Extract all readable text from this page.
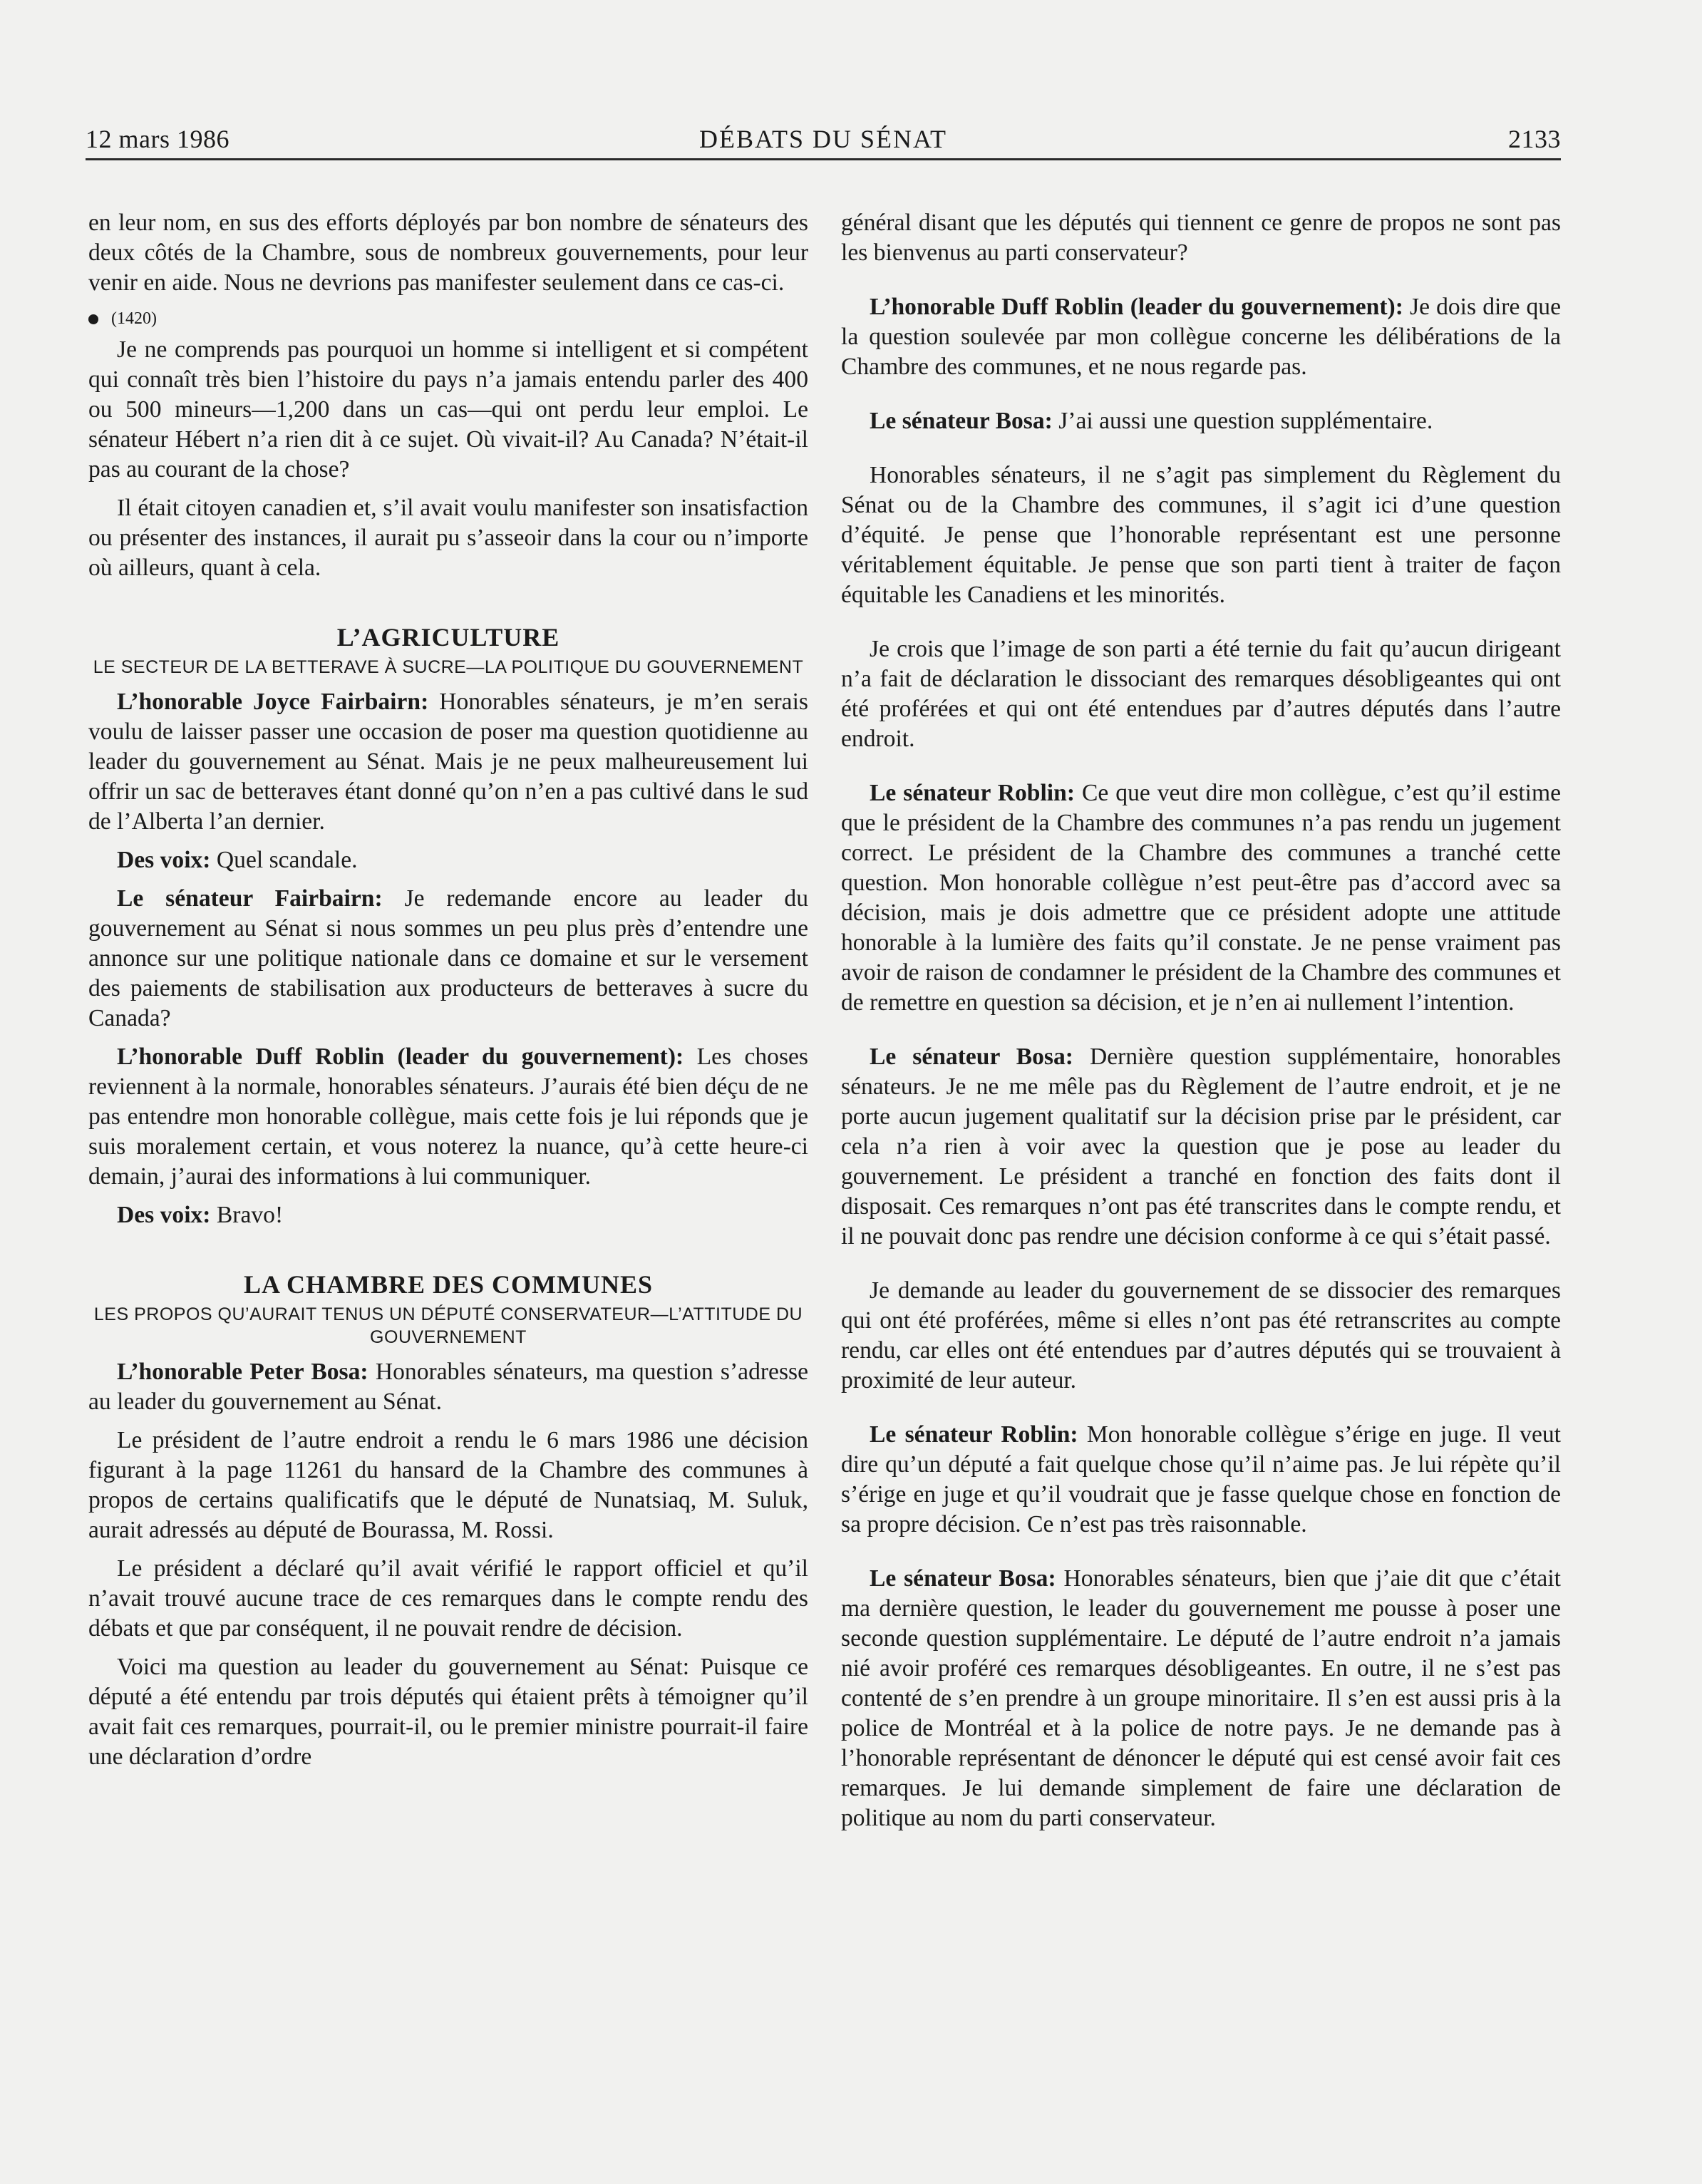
12 mars 1986	DÉBATS DU SÉNAT	2133

en leur nom, en sus des efforts déployés par bon nombre de sénateurs des deux côtés de la Chambre, sous de nombreux gouvernements, pour leur venir en aide. Nous ne devrions pas manifester seulement dans ce cas-ci.

(1420)

Je ne comprends pas pourquoi un homme si intelligent et si compétent qui connaît très bien l’histoire du pays n’a jamais entendu parler des 400 ou 500 mineurs—1,200 dans un cas—qui ont perdu leur emploi. Le sénateur Hébert n’a rien dit à ce sujet. Où vivait-il? Au Canada? N’était-il pas au courant de la chose?

Il était citoyen canadien et, s’il avait voulu manifester son insatisfaction ou présenter des instances, il aurait pu s’asseoir dans la cour ou n’importe où ailleurs, quant à cela.

L’AGRICULTURE
LE SECTEUR DE LA BETTERAVE À SUCRE—LA POLITIQUE DU GOUVERNEMENT

L’honorable Joyce Fairbairn: Honorables sénateurs, je m’en serais voulu de laisser passer une occasion de poser ma question quotidienne au leader du gouvernement au Sénat. Mais je ne peux malheureusement lui offrir un sac de betteraves étant donné qu’on n’en a pas cultivé dans le sud de l’Alberta l’an dernier.

Des voix: Quel scandale.

Le sénateur Fairbairn: Je redemande encore au leader du gouvernement au Sénat si nous sommes un peu plus près d’entendre une annonce sur une politique nationale dans ce domaine et sur le versement des paiements de stabilisation aux producteurs de betteraves à sucre du Canada?

L’honorable Duff Roblin (leader du gouvernement): Les choses reviennent à la normale, honorables sénateurs. J’aurais été bien déçu de ne pas entendre mon honorable collègue, mais cette fois je lui réponds que je suis moralement certain, et vous noterez la nuance, qu’à cette heure-ci demain, j’aurai des informations à lui communiquer.

Des voix: Bravo!

LA CHAMBRE DES COMMUNES
LES PROPOS QU’AURAIT TENUS UN DÉPUTÉ CONSERVATEUR—L’ATTITUDE DU GOUVERNEMENT

L’honorable Peter Bosa: Honorables sénateurs, ma question s’adresse au leader du gouvernement au Sénat.

Le président de l’autre endroit a rendu le 6 mars 1986 une décision figurant à la page 11261 du hansard de la Chambre des communes à propos de certains qualificatifs que le député de Nunatsiaq, M. Suluk, aurait adressés au député de Bourassa, M. Rossi.

Le président a déclaré qu’il avait vérifié le rapport officiel et qu’il n’avait trouvé aucune trace de ces remarques dans le compte rendu des débats et que par conséquent, il ne pouvait rendre de décision.

Voici ma question au leader du gouvernement au Sénat: Puisque ce député a été entendu par trois députés qui étaient prêts à témoigner qu’il avait fait ces remarques, pourrait-il, ou le premier ministre pourrait-il faire une déclaration d’ordre

général disant que les députés qui tiennent ce genre de propos ne sont pas les bienvenus au parti conservateur?

L’honorable Duff Roblin (leader du gouvernement): Je dois dire que la question soulevée par mon collègue concerne les délibérations de la Chambre des communes, et ne nous regarde pas.

Le sénateur Bosa: J’ai aussi une question supplémentaire.

Honorables sénateurs, il ne s’agit pas simplement du Règlement du Sénat ou de la Chambre des communes, il s’agit ici d’une question d’équité. Je pense que l’honorable représentant est une personne véritablement équitable. Je pense que son parti tient à traiter de façon équitable les Canadiens et les minorités.

Je crois que l’image de son parti a été ternie du fait qu’aucun dirigeant n’a fait de déclaration le dissociant des remarques désobligeantes qui ont été proférées et qui ont été entendues par d’autres députés dans l’autre endroit.

Le sénateur Roblin: Ce que veut dire mon collègue, c’est qu’il estime que le président de la Chambre des communes n’a pas rendu un jugement correct. Le président de la Chambre des communes a tranché cette question. Mon honorable collègue n’est peut-être pas d’accord avec sa décision, mais je dois admettre que ce président adopte une attitude honorable à la lumière des faits qu’il constate. Je ne pense vraiment pas avoir de raison de condamner le président de la Chambre des communes et de remettre en question sa décision, et je n’en ai nullement l’intention.

Le sénateur Bosa: Dernière question supplémentaire, honorables sénateurs. Je ne me mêle pas du Règlement de l’autre endroit, et je ne porte aucun jugement qualitatif sur la décision prise par le président, car cela n’a rien à voir avec la question que je pose au leader du gouvernement. Le président a tranché en fonction des faits dont il disposait. Ces remarques n’ont pas été transcrites dans le compte rendu, et il ne pouvait donc pas rendre une décision conforme à ce qui s’était passé.

Je demande au leader du gouvernement de se dissocier des remarques qui ont été proférées, même si elles n’ont pas été retranscrites au compte rendu, car elles ont été entendues par d’autres députés qui se trouvaient à proximité de leur auteur.

Le sénateur Roblin: Mon honorable collègue s’érige en juge. Il veut dire qu’un député a fait quelque chose qu’il n’aime pas. Je lui répète qu’il s’érige en juge et qu’il voudrait que je fasse quelque chose en fonction de sa propre décision. Ce n’est pas très raisonnable.

Le sénateur Bosa: Honorables sénateurs, bien que j’aie dit que c’était ma dernière question, le leader du gouvernement me pousse à poser une seconde question supplémentaire. Le député de l’autre endroit n’a jamais nié avoir proféré ces remarques désobligeantes. En outre, il ne s’est pas contenté de s’en prendre à un groupe minoritaire. Il s’en est aussi pris à la police de Montréal et à la police de notre pays. Je ne demande pas à l’honorable représentant de dénoncer le député qui est censé avoir fait ces remarques. Je lui demande simplement de faire une déclaration de politique au nom du parti conservateur.
